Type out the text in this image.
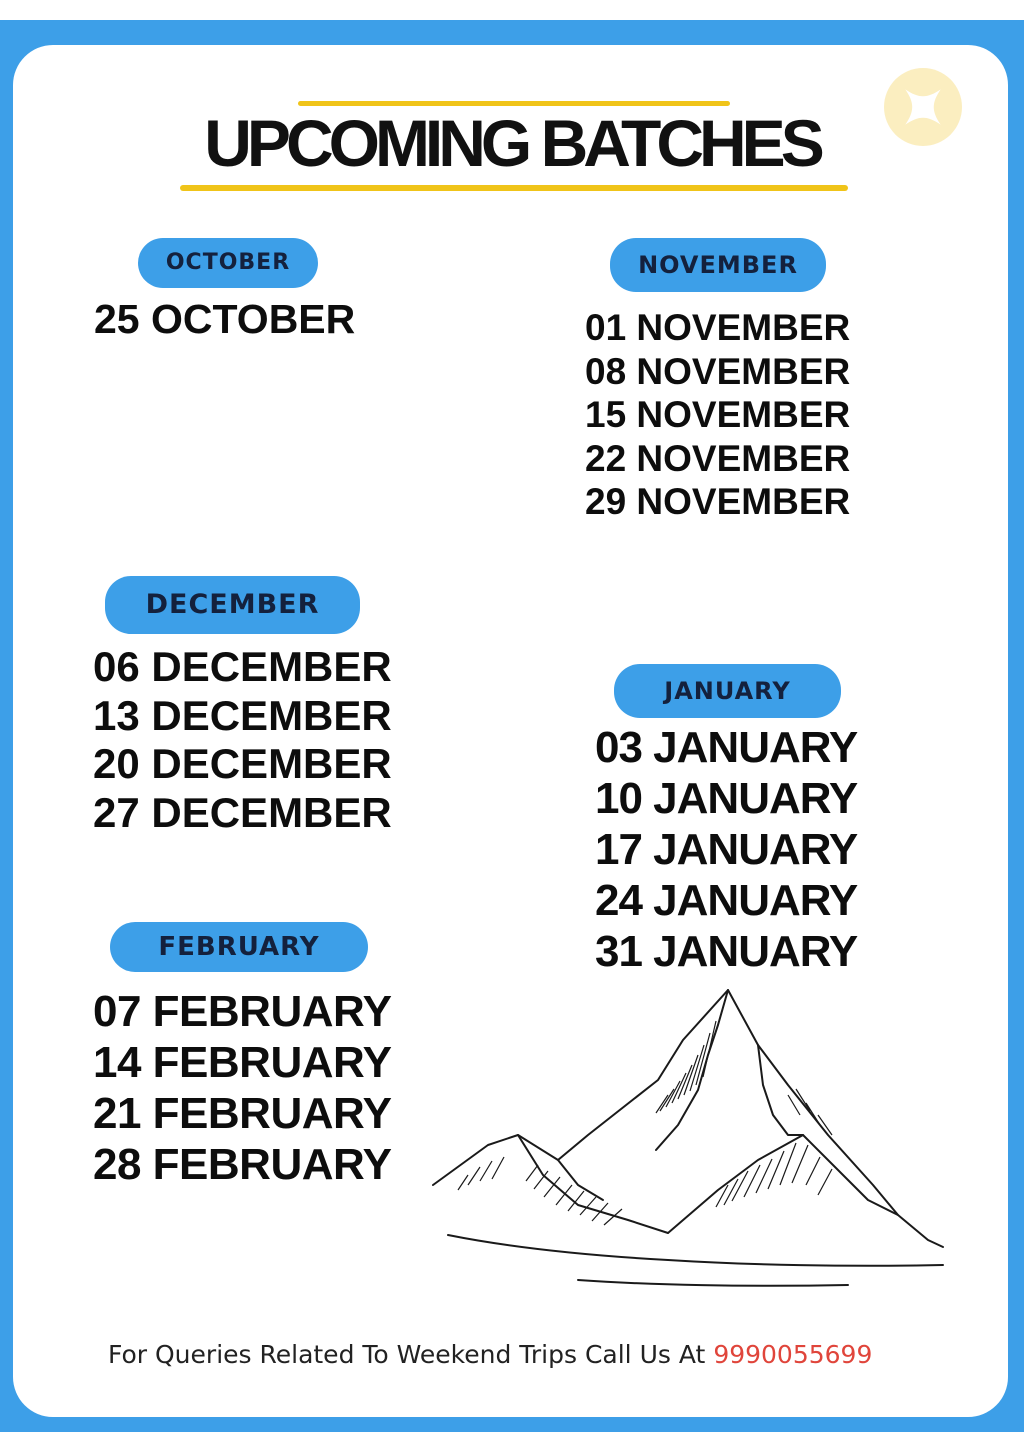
UPCOMING BATCHES
OCTOBER
25 OCTOBER
NOVEMBER
01 NOVEMBER
08 NOVEMBER
15 NOVEMBER
22 NOVEMBER
29 NOVEMBER
DECEMBER
06 DECEMBER
13 DECEMBER
20 DECEMBER
27 DECEMBER
JANUARY
03 JANUARY
10 JANUARY
17 JANUARY
24 JANUARY
31 JANUARY
FEBRUARY
07 FEBRUARY
14 FEBRUARY
21 FEBRUARY
28 FEBRUARY
For Queries Related To Weekend Trips Call Us At 9990055699
